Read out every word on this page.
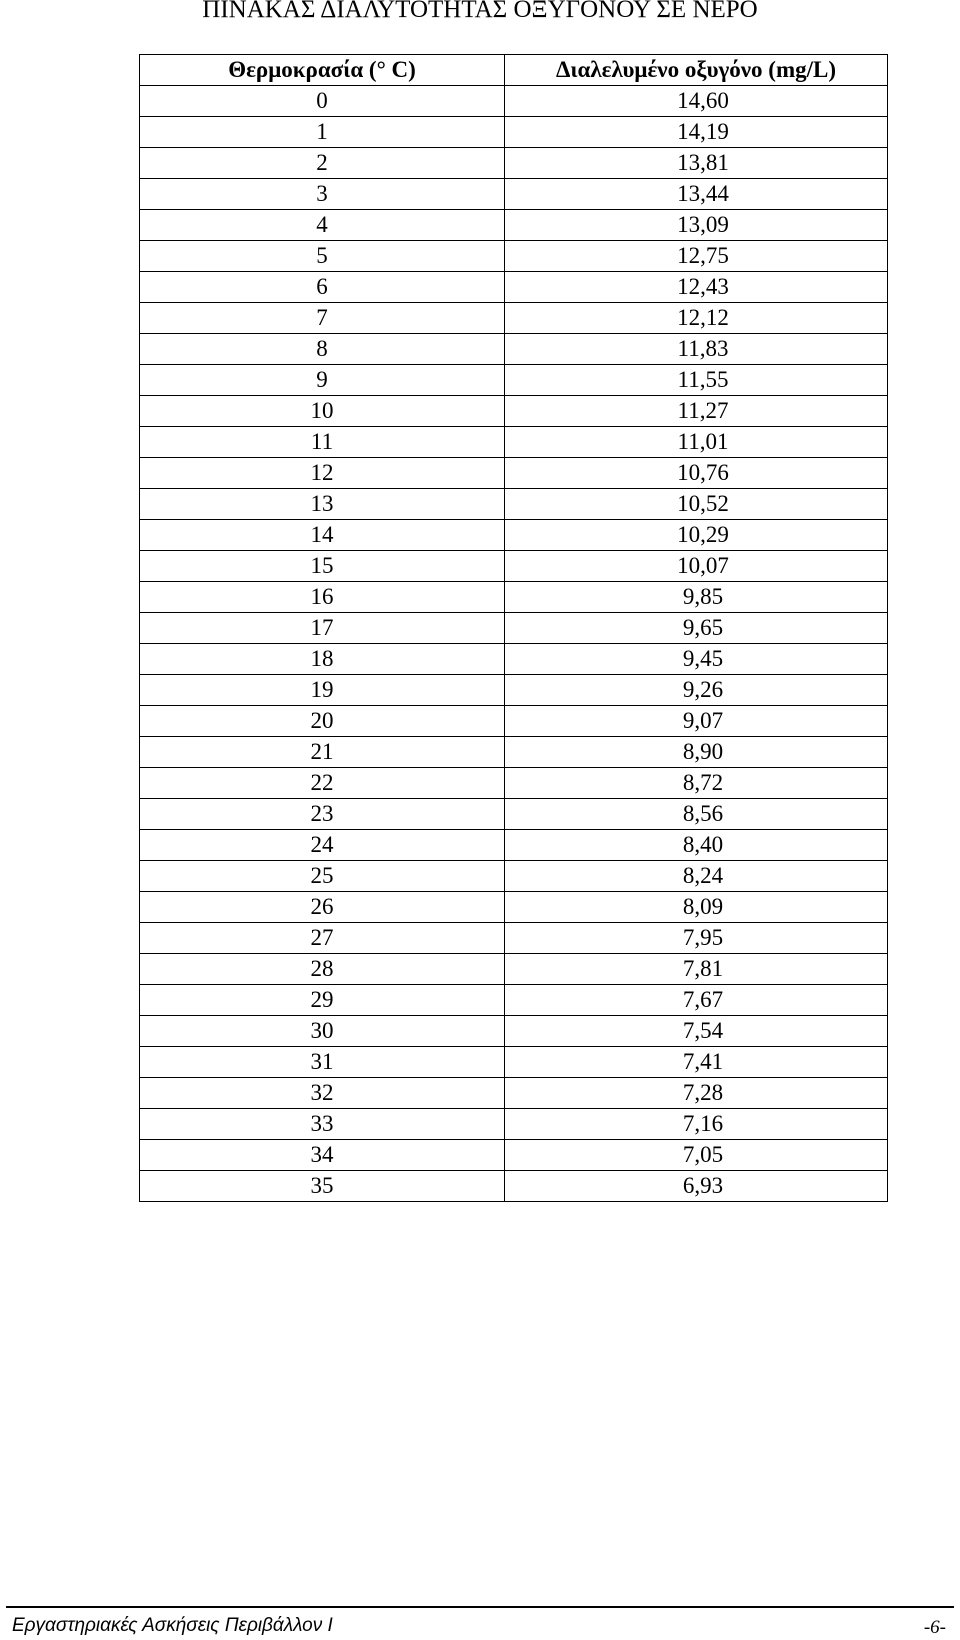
ΠΙΝΑΚΑΣ ΔΙΑΛΥΤΟΤΗΤΑΣ ΟΞΥΓΟΝΟΥ ΣΕ ΝΕΡΟ
Θερμοκρασία (° C)	Διαλελυμένο οξυγόνο (mg/L)
0	14,60
1	14,19
2	13,81
3	13,44
4	13,09
5	12,75
6	12,43
7	12,12
8	11,83
9	11,55
10	11,27
11	11,01
12	10,76
13	10,52
14	10,29
15	10,07
16	9,85
17	9,65
18	9,45
19	9,26
20	9,07
21	8,90
22	8,72
23	8,56
24	8,40
25	8,24
26	8,09
27	7,95
28	7,81
29	7,67
30	7,54
31	7,41
32	7,28
33	7,16
34	7,05
35	6,93
Εργαστηριακές Ασκήσεις Περιβάλλον Ι	-6-
